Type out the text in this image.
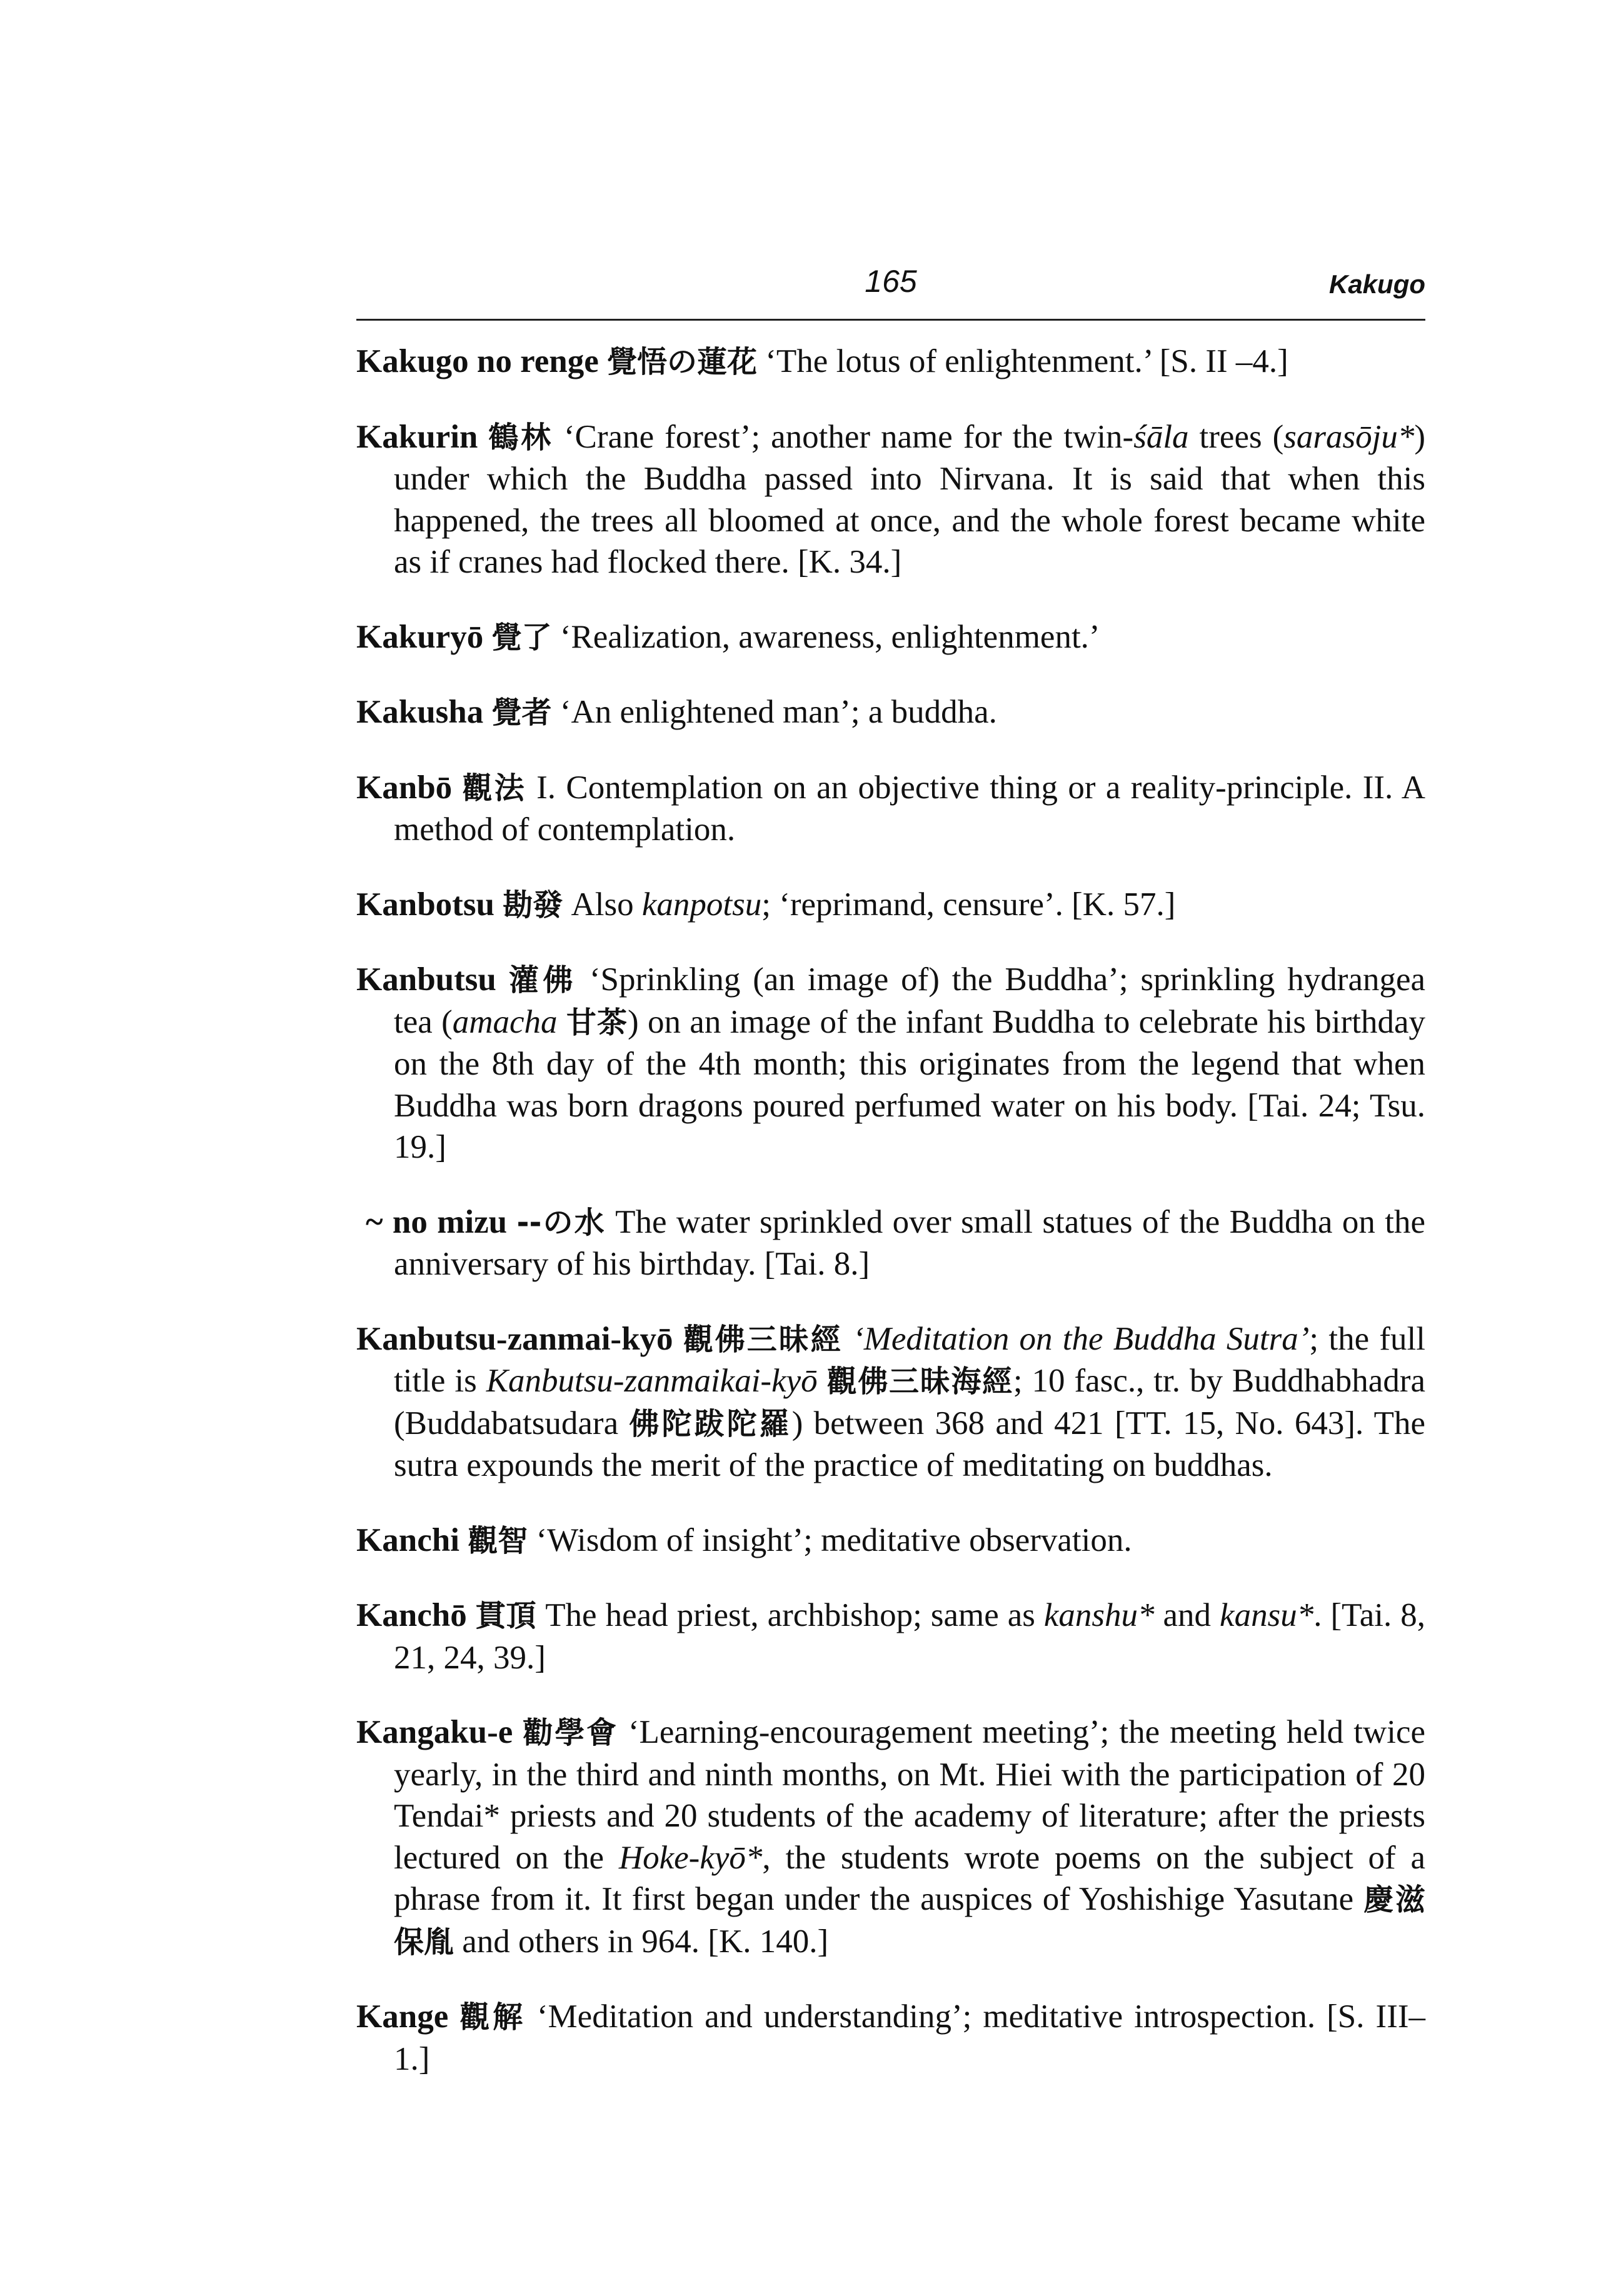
165	Kakugo

Kakugo no renge 覺悟の蓮花 ‘The lotus of enlightenment.’ [S. II –4.]

Kakurin 鶴林 ‘Crane forest’; another name for the twin-śāla trees (sarasōju*) under which the Buddha passed into Nirvana. It is said that when this happened, the trees all bloomed at once, and the whole forest became white as if cranes had flocked there. [K. 34.]

Kakuryō 覺了 ‘Realization, awareness, enlightenment.’

Kakusha 覺者 ‘An enlightened man’; a buddha.

Kanbō 觀法 I. Contemplation on an objective thing or a reality-principle. II. A method of contemplation.

Kanbotsu 勘發 Also kanpotsu; ‘reprimand, censure’. [K. 57.]

Kanbutsu 灌佛 ‘Sprinkling (an image of) the Buddha’; sprinkling hydrangea tea (amacha 甘茶) on an image of the infant Buddha to celebrate his birthday on the 8th day of the 4th month; this originates from the legend that when Buddha was born dragons poured perfumed water on his body. [Tai. 24; Tsu. 19.]

~ no mizu --の水 The water sprinkled over small statues of the Buddha on the anniversary of his birthday. [Tai. 8.]

Kanbutsu-zanmai-kyō 觀佛三昧經 ‘Meditation on the Buddha Sutra’; the full title is Kanbutsu-zanmaikai-kyō 觀佛三昧海經; 10 fasc., tr. by Buddhabhadra (Buddabatsudara 佛陀跋陀羅) between 368 and 421 [TT. 15, No. 643]. The sutra expounds the merit of the practice of meditating on buddhas.

Kanchi 觀智 ‘Wisdom of insight’; meditative observation.

Kanchō 貫頂 The head priest, archbishop; same as kanshu* and kansu*. [Tai. 8, 21, 24, 39.]

Kangaku-e 勸學會 ‘Learning-encouragement meeting’; the meeting held twice yearly, in the third and ninth months, on Mt. Hiei with the participation of 20 Tendai* priests and 20 students of the academy of literature; after the priests lectured on the Hoke-kyō*, the students wrote poems on the subject of a phrase from it. It first began under the auspices of Yoshishige Yasutane 慶滋保胤 and others in 964. [K. 140.]

Kange 觀解 ‘Meditation and understanding’; meditative introspection. [S. III–1.]
